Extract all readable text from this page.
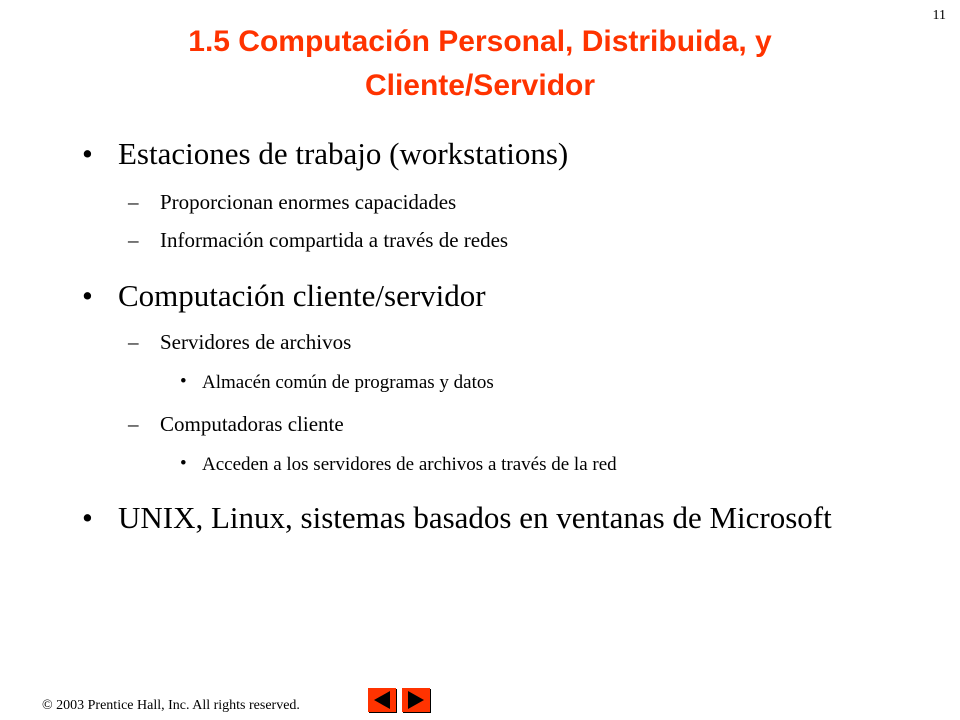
11
1.5 Computación Personal, Distribuida, y
Cliente/Servidor
• Estaciones de trabajo (workstations)
– Proporcionan enormes capacidades
– Información compartida a través de redes
• Computación cliente/servidor
– Servidores de archivos
• Almacén común de programas y datos
– Computadoras cliente
• Acceden a los servidores de archivos a través de la red
• UNIX, Linux, sistemas basados en ventanas de Microsoft
© 2003 Prentice Hall, Inc. All rights reserved.
